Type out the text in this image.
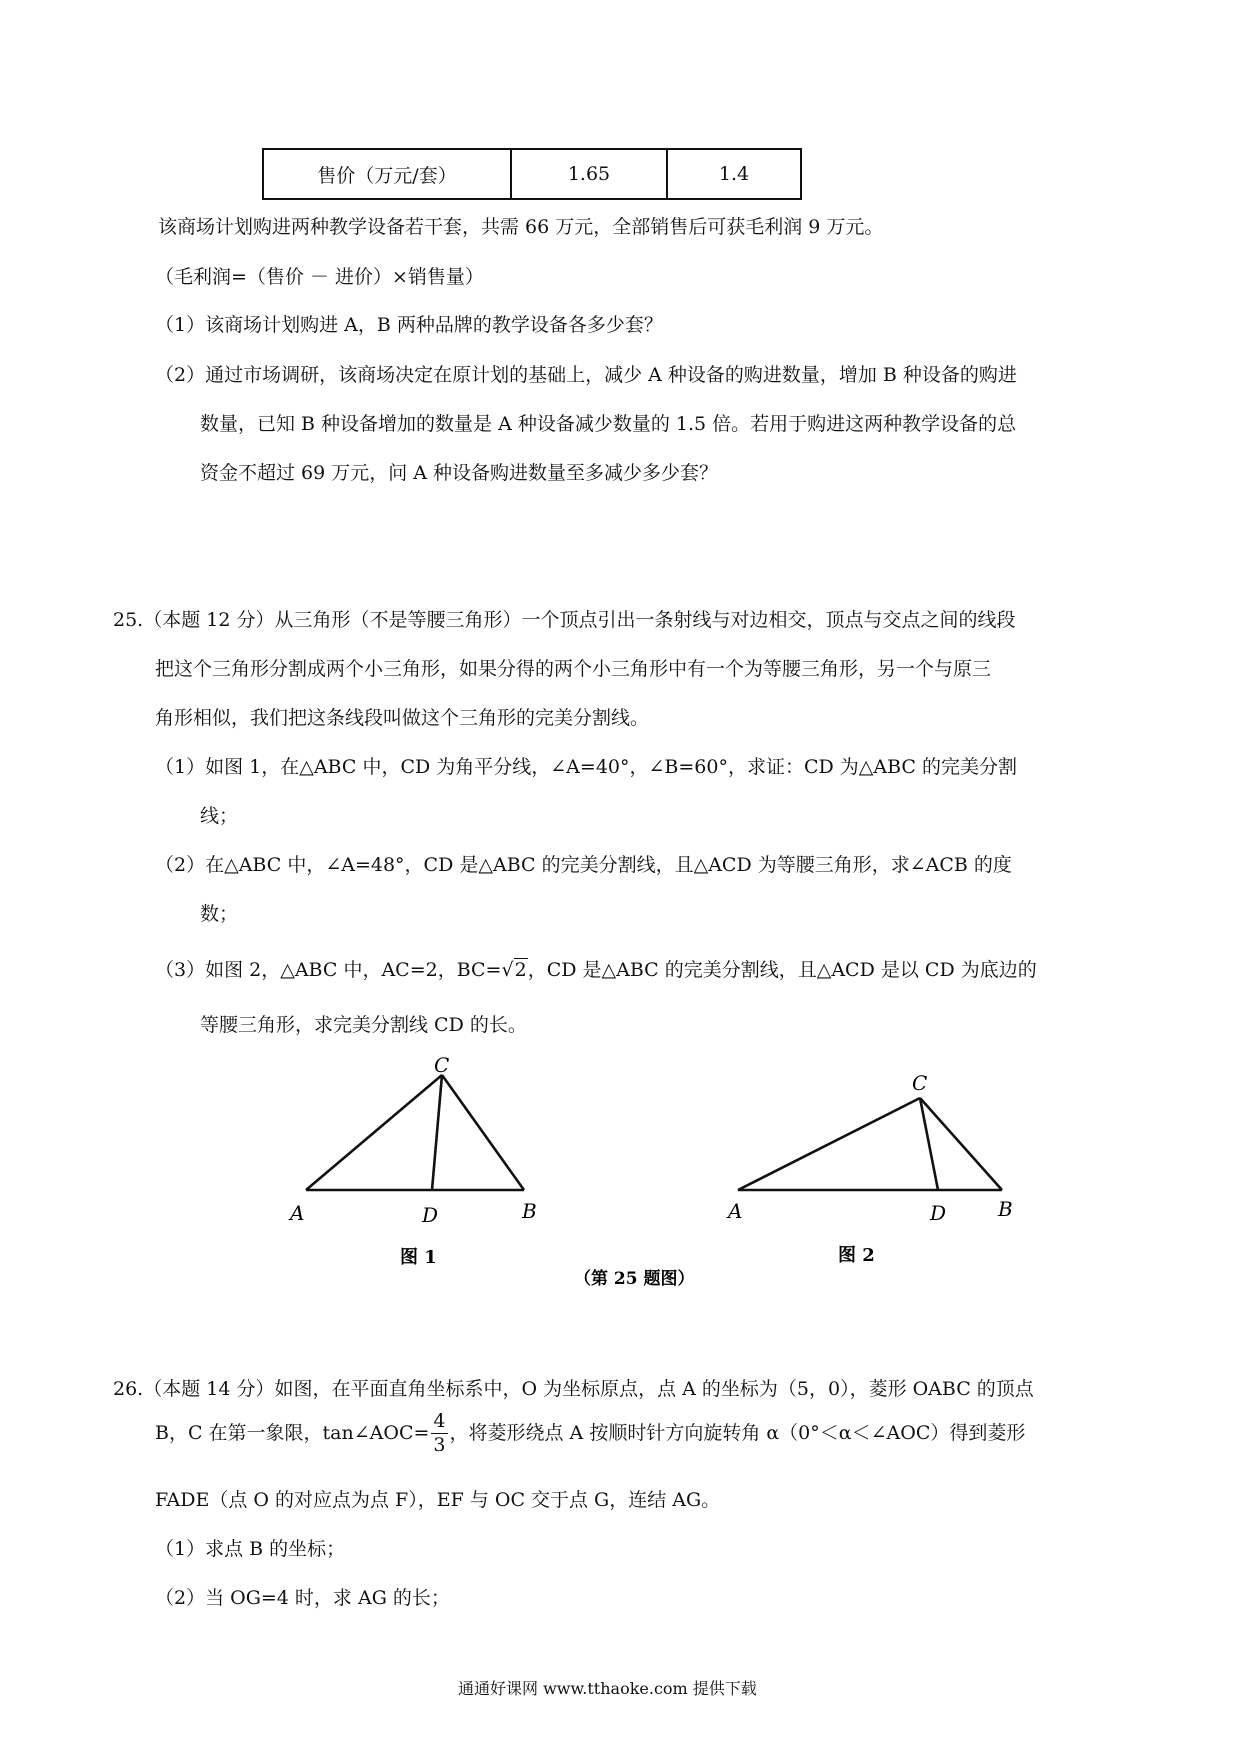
售价（万元/套）	1.65	1.4
该商场计划购进两种教学设备若干套，共需 66 万元，全部销售后可获毛利润 9 万元。
（毛利润=（售价 － 进价）×销售量）
（1）该商场计划购进 A，B 两种品牌的教学设备各多少套？
（2）通过市场调研，该商场决定在原计划的基础上，减少 A 种设备的购进数量，增加 B 种设备的购进
数量，已知 B 种设备增加的数量是 A 种设备减少数量的 1.5 倍。若用于购进这两种教学设备的总
资金不超过 69 万元，问 A 种设备购进数量至多减少多少套？
25.（本题 12 分）从三角形（不是等腰三角形）一个顶点引出一条射线与对边相交，顶点与交点之间的线段
把这个三角形分割成两个小三角形，如果分得的两个小三角形中有一个为等腰三角形，另一个与原三
角形相似，我们把这条线段叫做这个三角形的完美分割线。
（1）如图 1，在△ABC 中，CD 为角平分线，∠A=40°，∠B=60°，求证：CD 为△ABC 的完美分割
线；
（2）在△ABC 中，∠A=48°，CD 是△ABC 的完美分割线，且△ACD 为等腰三角形，求∠ACB 的度
数；
（3）如图 2，△ABC 中，AC=2，BC=√2，CD 是△ABC 的完美分割线，且△ACD 是以 CD 为底边的
等腰三角形，求完美分割线 CD 的长。
C
A	D	B
图 1
C
A	D	B
图 2
（第 25 题图）
26.（本题 14 分）如图，在平面直角坐标系中，O 为坐标原点，点 A 的坐标为（5，0），菱形 OABC 的顶点
B，C 在第一象限，tan∠AOC= $\frac{4}{3}$ ，将菱形绕点 A 按顺时针方向旋转角 α（0°＜α＜∠AOC）得到菱形
FADE（点 O 的对应点为点 F），EF 与 OC 交于点 G，连结 AG。
（1）求点 B 的坐标；
（2）当 OG=4 时，求 AG 的长；
通通好课网 www.tthaoke.com 提供下载
